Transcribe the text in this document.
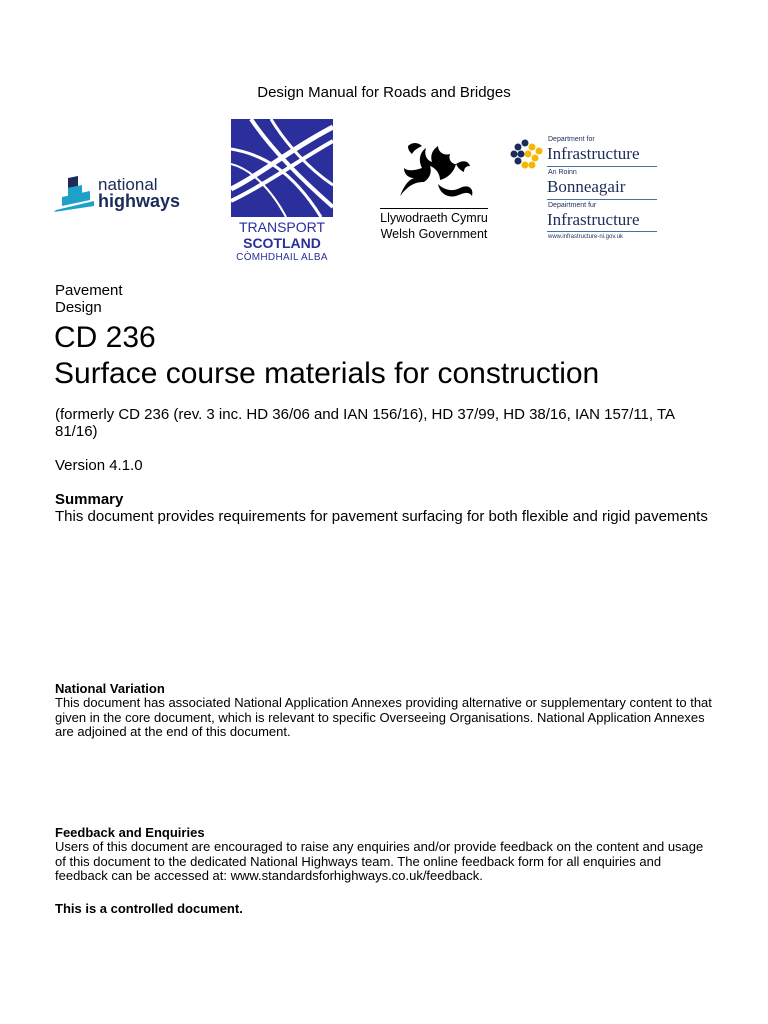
Design Manual for Roads and Bridges
national
highways
TRANSPORT
SCOTLAND
CÒMHDHAIL ALBA
Llywodraeth Cymru
Welsh Government
Department for
Infrastructure
An Roinn
Bonneagair
Depairtment fur
Infrastructure
www.infrastructure-ni.gov.uk
Pavement
Design
CD 236
Surface course materials for construction
(formerly CD 236 (rev. 3 inc. HD 36/06 and IAN 156/16), HD 37/99, HD 38/16, IAN 157/11, TA 81/16)
Version 4.1.0
Summary
This document provides requirements for pavement surfacing for both flexible and rigid pavements
National Variation
This document has associated National Application Annexes providing alternative or supplementary content to that given in the core document, which is relevant to specific Overseeing Organisations. National Application Annexes are adjoined at the end of this document.
Feedback and Enquiries
Users of this document are encouraged to raise any enquiries and/or provide feedback on the content and usage of this document to the dedicated National Highways team. The online feedback form for all enquiries and feedback can be accessed at: www.standardsforhighways.co.uk/feedback.
This is a controlled document.
